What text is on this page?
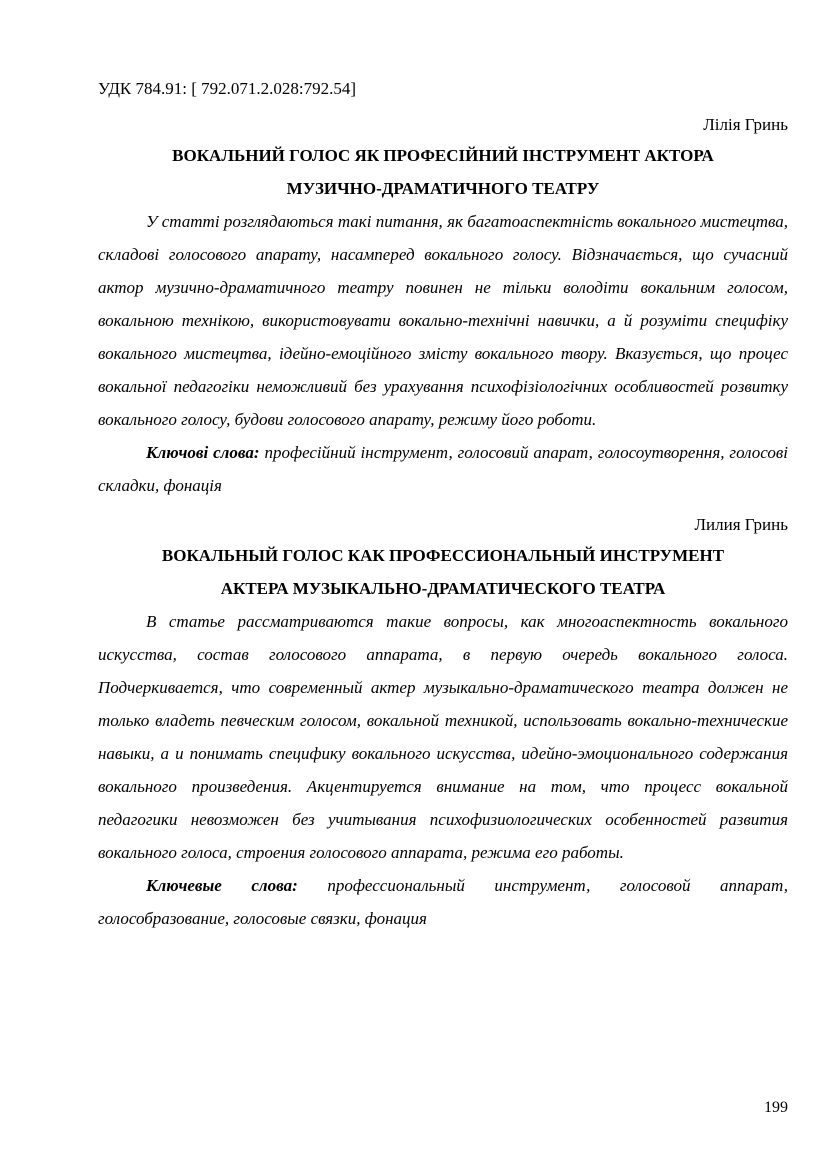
УДК 784.91: [ 792.071.2.028:792.54]

Лілія Гринь

ВОКАЛЬНИЙ ГОЛОС ЯК ПРОФЕСІЙНИЙ ІНСТРУМЕНТ АКТОРА
МУЗИЧНО-ДРАМАТИЧНОГО ТЕАТРУ

У статті розглядаються такі питання, як багатоаспектність вокального мистецтва, складові голосового апарату, насамперед вокального голосу. Відзначається, що сучасний актор музично-драматичного театру повинен не тільки володіти вокальним голосом, вокальною технікою, використовувати вокально-технічні навички, а й розуміти специфіку вокального мистецтва, ідейно-емоційного змісту вокального твору. Вказується, що процес вокальної педагогіки неможливий без урахування психофізіологічних особливостей розвитку вокального голосу, будови голосового апарату, режиму його роботи.

Ключові слова: професійний інструмент, голосовий апарат, голосоутворення, голосові складки, фонація

Лилия Гринь

ВОКАЛЬНЫЙ ГОЛОС КАК ПРОФЕССИОНАЛЬНЫЙ ИНСТРУМЕНТ
АКТЕРА МУЗЫКАЛЬНО-ДРАМАТИЧЕСКОГО ТЕАТРА

В статье рассматриваются такие вопросы, как многоаспектность вокального искусства, состав голосового аппарата, в первую очередь вокального голоса. Подчеркивается, что современный актер музыкально-драматического театра должен не только владеть певческим голосом, вокальной техникой, использовать вокально-технические навыки, а и понимать специфику вокального искусства, идейно-эмоционального содержания вокального произведения. Акцентируется внимание на том, что процесс вокальной педагогики невозможен без учитывания психофизиологических особенностей развития вокального голоса, строения голосового аппарата, режима его работы.

Ключевые слова: профессиональный инструмент, голосовой аппарат, голособразование, голосовые связки, фонация

199
